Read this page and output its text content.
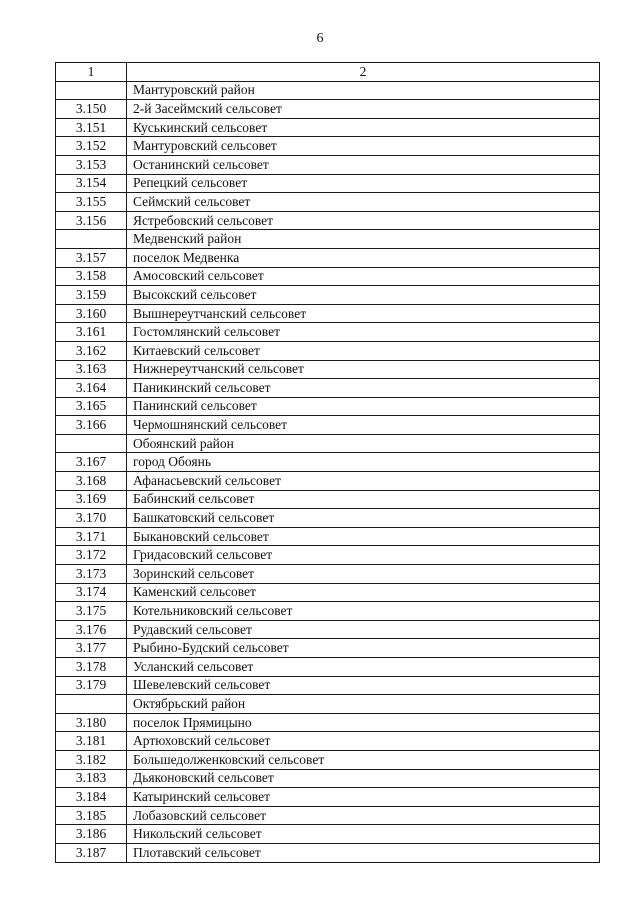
6
1	2
	Мантуровский район
3.150	2-й Засеймский сельсовет
3.151	Куськинский сельсовет
3.152	Мантуровский сельсовет
3.153	Останинский сельсовет
3.154	Репецкий сельсовет
3.155	Сеймский сельсовет
3.156	Ястребовский сельсовет
	Медвенский район
3.157	поселок Медвенка
3.158	Амосовский сельсовет
3.159	Высокский сельсовет
3.160	Вышнереутчанский сельсовет
3.161	Гостомлянский сельсовет
3.162	Китаевский сельсовет
3.163	Нижнереутчанский сельсовет
3.164	Паникинский сельсовет
3.165	Панинский сельсовет
3.166	Чермошнянский сельсовет
	Обоянский район
3.167	город Обоянь
3.168	Афанасьевский сельсовет
3.169	Бабинский сельсовет
3.170	Башкатовский сельсовет
3.171	Быкановский сельсовет
3.172	Гридасовский сельсовет
3.173	Зоринский сельсовет
3.174	Каменский сельсовет
3.175	Котельниковский сельсовет
3.176	Рудавский сельсовет
3.177	Рыбино-Будский сельсовет
3.178	Усланский сельсовет
3.179	Шевелевский сельсовет
	Октябрьский район
3.180	поселок Прямицыно
3.181	Артюховский сельсовет
3.182	Большедолженковский сельсовет
3.183	Дьяконовский сельсовет
3.184	Катыринский сельсовет
3.185	Лобазовский сельсовет
3.186	Никольский сельсовет
3.187	Плотавский сельсовет
